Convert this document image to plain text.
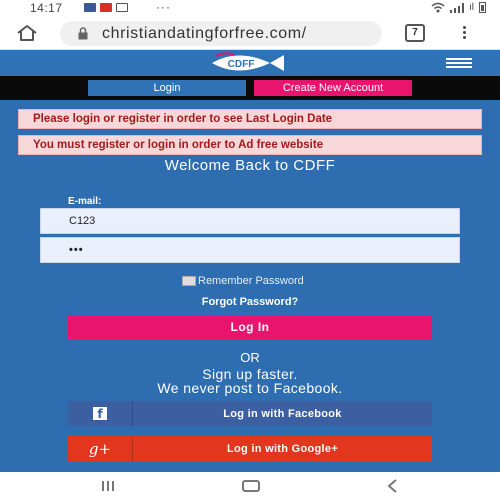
14:17	···	ıl
christiandatingforfree.com/	7
CDFF
Login	Create New Account
Please login or register in order to see Last Login Date
You must register or login in order to Ad free website
Welcome Back to CDFF
E-mail:
C123
•••
Remember Password
Forgot Password?
Log In
OR
Sign up faster.
We never post to Facebook.
f	Log in with Facebook
g+	Log in with Google+
